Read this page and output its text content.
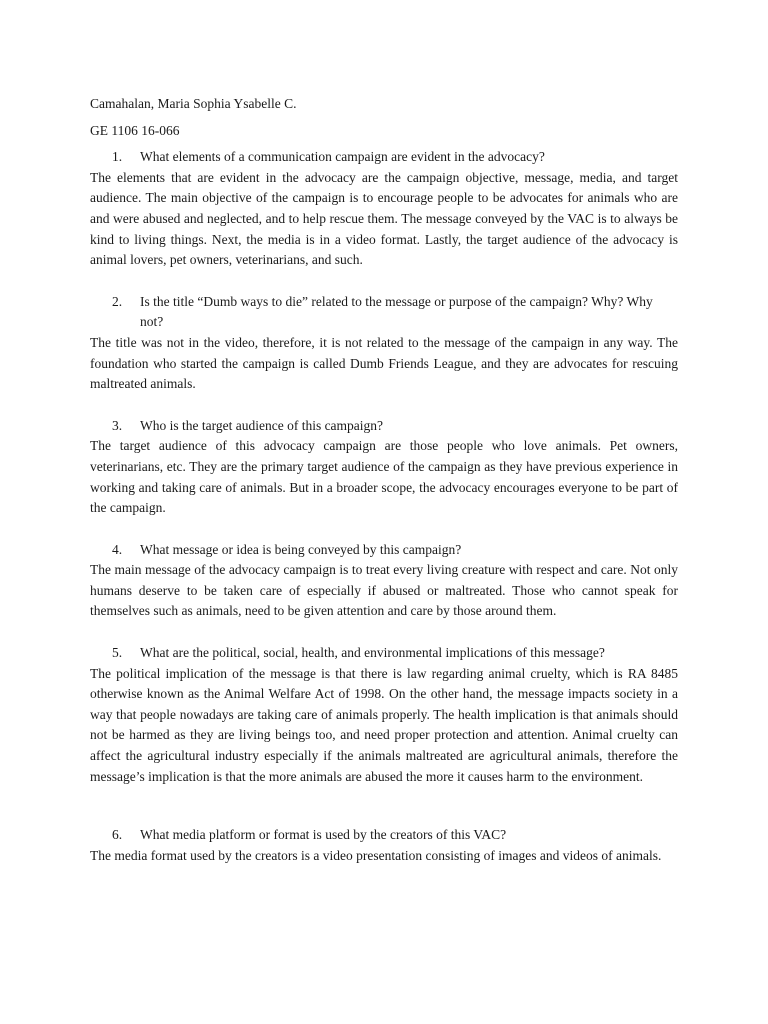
Camahalan, Maria Sophia Ysabelle C.

GE 1106 16-066

1.	What elements of a communication campaign are evident in the advocacy?

The elements that are evident in the advocacy are the campaign objective, message, media, and target audience. The main objective of the campaign is to encourage people to be advocates for animals who are and were abused and neglected, and to help rescue them. The message conveyed by the VAC is to always be kind to living things. Next, the media is in a video format. Lastly, the target audience of the advocacy is animal lovers, pet owners, veterinarians, and such.

2.	Is the title “Dumb ways to die” related to the message or purpose of the campaign? Why? Why not?

The title was not in the video, therefore, it is not related to the message of the campaign in any way. The foundation who started the campaign is called Dumb Friends League, and they are advocates for rescuing maltreated animals.

3.	Who is the target audience of this campaign?

The target audience of this advocacy campaign are those people who love animals. Pet owners, veterinarians, etc. They are the primary target audience of the campaign as they have previous experience in working and taking care of animals. But in a broader scope, the advocacy encourages everyone to be part of the campaign.

4.	What message or idea is being conveyed by this campaign?

The main message of the advocacy campaign is to treat every living creature with respect and care. Not only humans deserve to be taken care of especially if abused or maltreated. Those who cannot speak for themselves such as animals, need to be given attention and care by those around them.

5.	What are the political, social, health, and environmental implications of this message?

The political implication of the message is that there is law regarding animal cruelty, which is RA 8485 otherwise known as the Animal Welfare Act of 1998. On the other hand, the message impacts society in a way that people nowadays are taking care of animals properly. The health implication is that animals should not be harmed as they are living beings too, and need proper protection and attention. Animal cruelty can affect the agricultural industry especially if the animals maltreated are agricultural animals, therefore the message’s implication is that the more animals are abused the more it causes harm to the environment.

6.	What media platform or format is used by the creators of this VAC?

The media format used by the creators is a video presentation consisting of images and videos of animals.
